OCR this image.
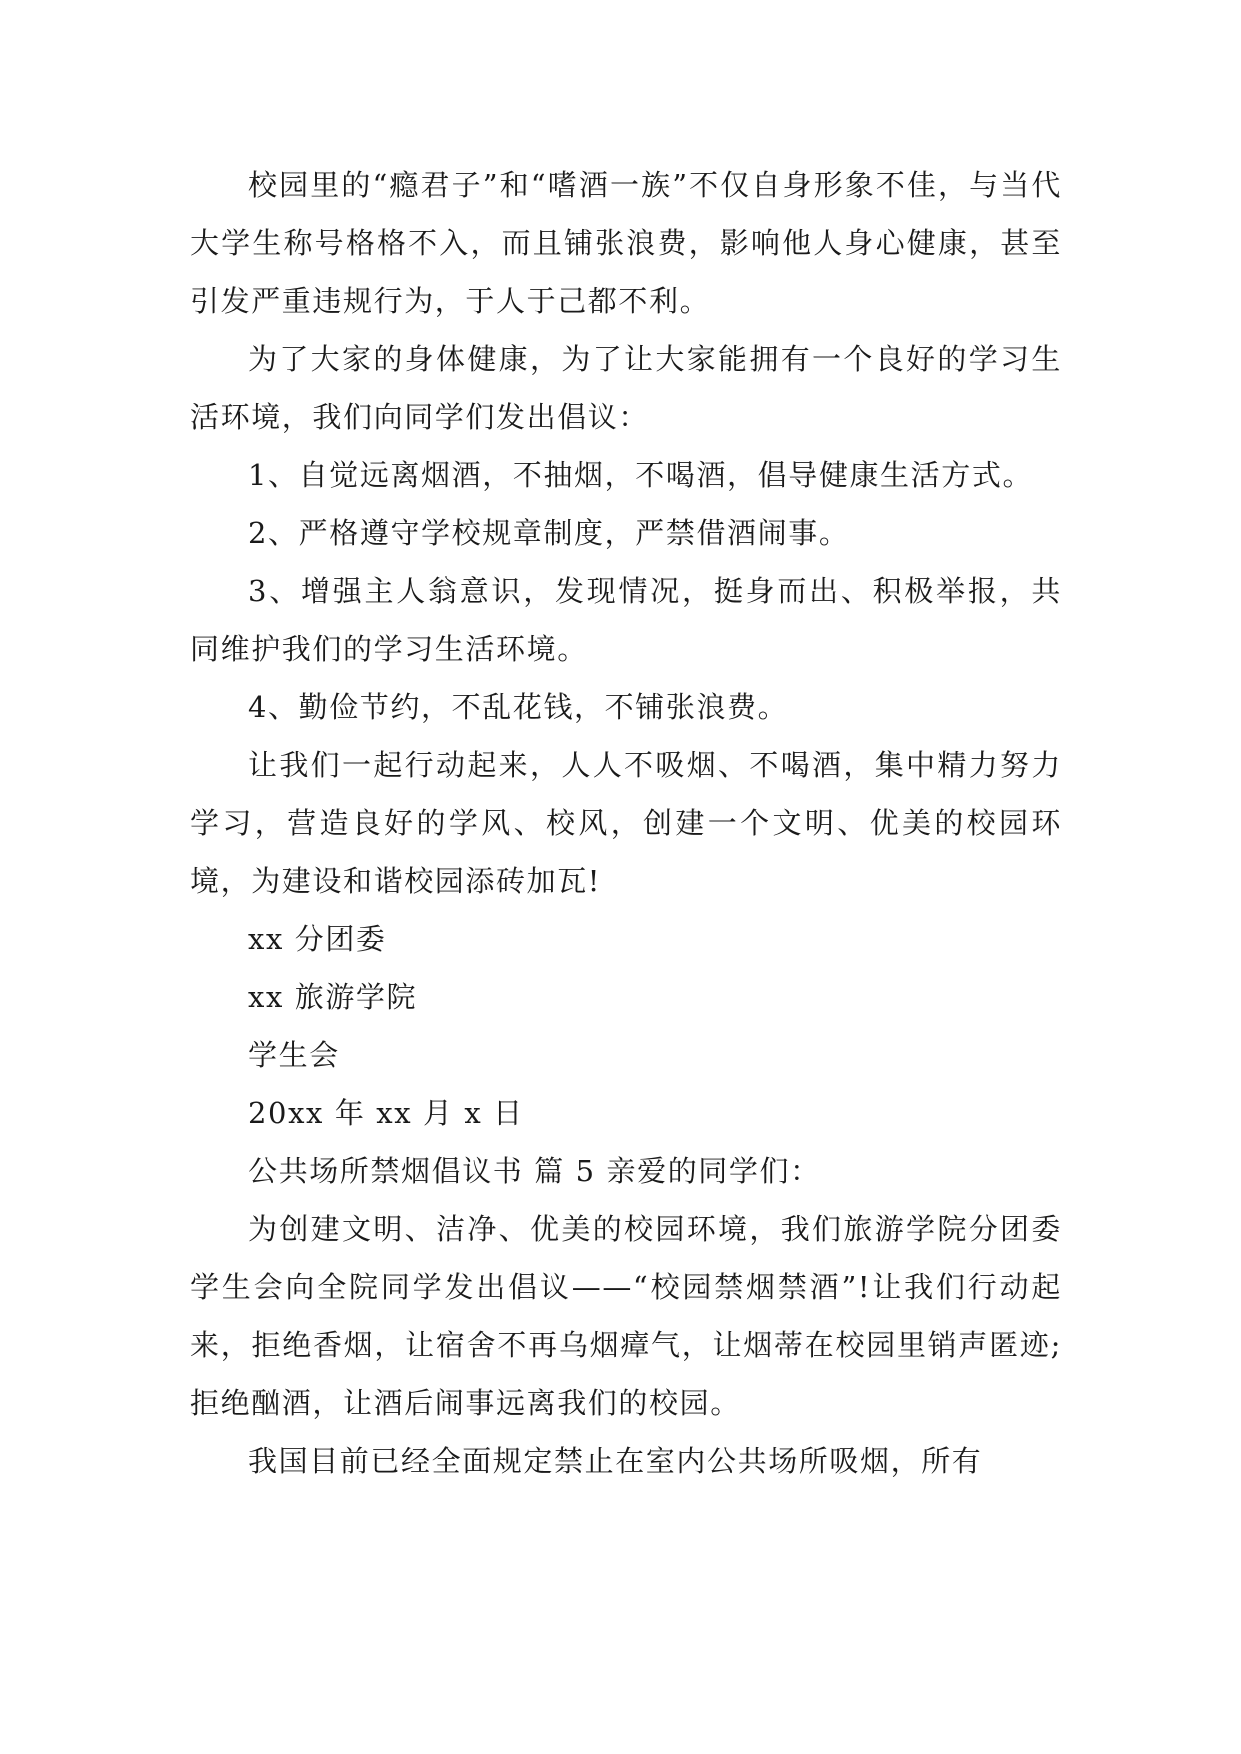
校园里的“瘾君子”和“嗜酒一族”不仅自身形象不佳，与当代大学生称号格格不入，而且铺张浪费，影响他人身心健康，甚至引发严重违规行为，于人于己都不利。

为了大家的身体健康，为了让大家能拥有一个良好的学习生活环境，我们向同学们发出倡议：

1、自觉远离烟酒，不抽烟，不喝酒，倡导健康生活方式。

2、严格遵守学校规章制度，严禁借酒闹事。

3、增强主人翁意识，发现情况，挺身而出、积极举报，共同维护我们的学习生活环境。

4、勤俭节约，不乱花钱，不铺张浪费。

让我们一起行动起来，人人不吸烟、不喝酒，集中精力努力学习，营造良好的学风、校风，创建一个文明、优美的校园环境，为建设和谐校园添砖加瓦!

xx 分团委

xx 旅游学院

学生会

20xx 年 xx 月 x 日

公共场所禁烟倡议书 篇 5 亲爱的同学们：

为创建文明、洁净、优美的校园环境，我们旅游学院分团委学生会向全院同学发出倡议——“校园禁烟禁酒”!让我们行动起来，拒绝香烟，让宿舍不再乌烟瘴气，让烟蒂在校园里销声匿迹;拒绝酗酒，让酒后闹事远离我们的校园。

我国目前已经全面规定禁止在室内公共场所吸烟，所有
